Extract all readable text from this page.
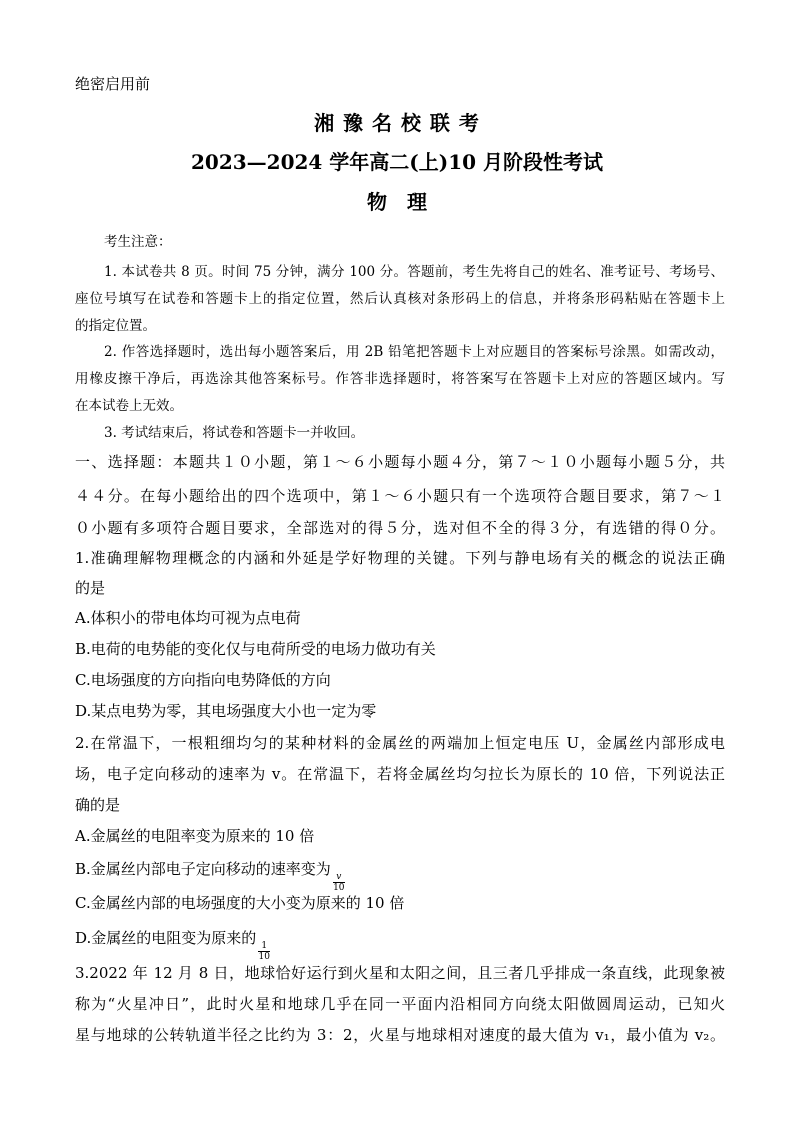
绝密启用前
湘 豫 名 校 联 考
2023—2024 学年高二(上)10 月阶段性考试
物　理
考生注意：
1. 本试卷共 8 页。时间 75 分钟，满分 100 分。答题前，考生先将自己的姓名、准考证号、考场号、
座位号填写在试卷和答题卡上的指定位置，然后认真核对条形码上的信息，并将条形码粘贴在答题卡上
的指定位置。
2. 作答选择题时，选出每小题答案后，用 2B 铅笔把答题卡上对应题目的答案标号涂黑。如需改动，
用橡皮擦干净后，再选涂其他答案标号。作答非选择题时，将答案写在答题卡上对应的答题区域内。写
在本试卷上无效。
3. 考试结束后，将试卷和答题卡一并收回。
一、选择题：本题共１０小题，第１～６小题每小题４分，第７～１０小题每小题５分，共
４４分。在每小题给出的四个选项中，第１～６小题只有一个选项符合题目要求，第７～１
０小题有多项符合题目要求，全部选对的得５分，选对但不全的得３分，有选错的得０分。
1.准确理解物理概念的内涵和外延是学好物理的关键。下列与静电场有关的概念的说法正确
的是
A.体积小的带电体均可视为点电荷
B.电荷的电势能的变化仅与电荷所受的电场力做功有关
C.电场强度的方向指向电势降低的方向
D.某点电势为零，其电场强度大小也一定为零
2.在常温下，一根粗细均匀的某种材料的金属丝的两端加上恒定电压 U，金属丝内部形成电
场，电子定向移动的速率为 v。在常温下，若将金属丝均匀拉长为原长的 10 倍，下列说法正
确的是
A.金属丝的电阻率变为原来的 10 倍
B.金属丝内部电子定向移动的速率变为
$\frac{v}{10}$
C.金属丝内部的电场强度的大小变为原来的 10 倍
D.金属丝的电阻变为原来的
$\frac{1}{10}$
3.2022 年 12 月 8 日，地球恰好运行到火星和太阳之间，且三者几乎排成一条直线，此现象被
称为“火星冲日”，此时火星和地球几乎在同一平面内沿相同方向绕太阳做圆周运动，已知火
星与地球的公转轨道半径之比约为 3：2，火星与地球相对速度的最大值为 v₁，最小值为 v₂。
